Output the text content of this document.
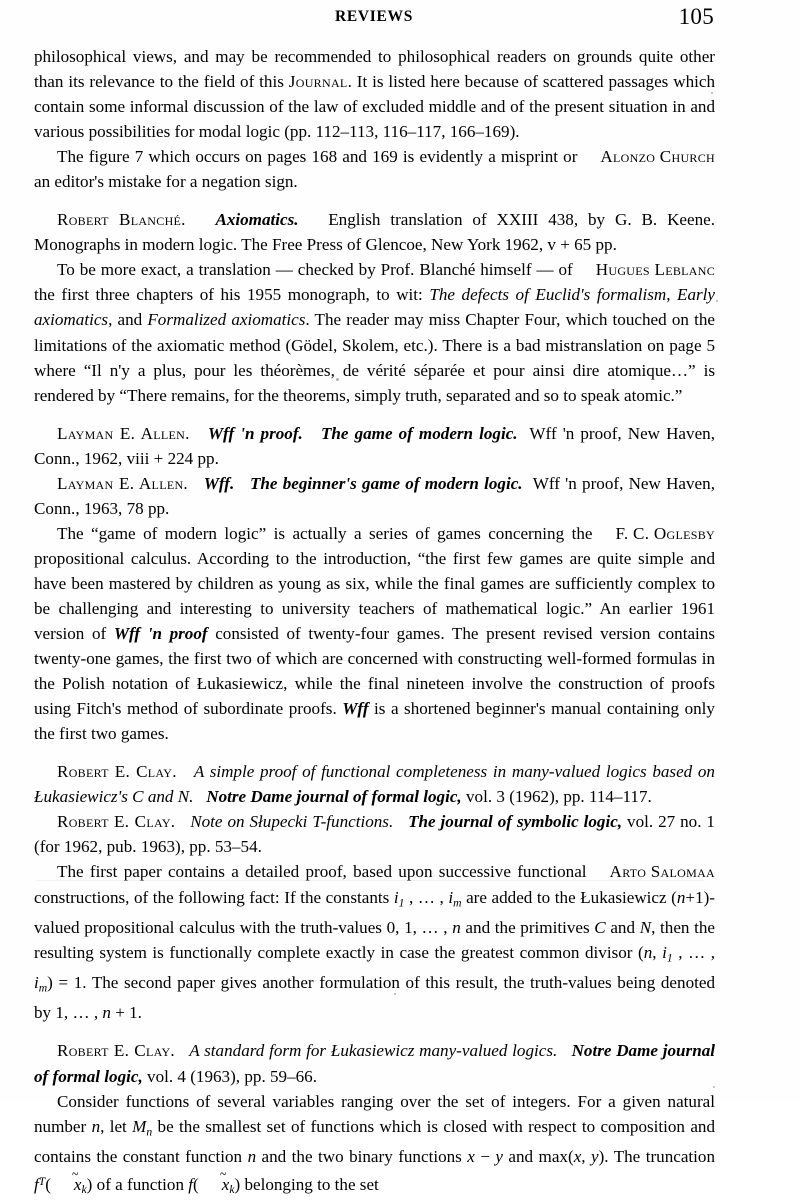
REVIEWS	105

philosophical views, and may be recommended to philosophical readers on grounds quite other than its relevance to the field of this Journal. It is listed here because of scattered passages which contain some informal discussion of the law of excluded middle and of the present situation in and various possibilities for modal logic (pp. 112–113, 116–117, 166–169).

Alonzo Church
The figure 7 which occurs on pages 168 and 169 is evidently a misprint or an editor's mistake for a negation sign.

Robert Blanché. Axiomatics. English translation of XXIII 438, by G. B. Keene. Monographs in modern logic. The Free Press of Glencoe, New York 1962, v + 65 pp.

Hugues Leblanc
To be more exact, a translation — checked by Prof. Blanché himself — of the first three chapters of his 1955 monograph, to wit: The defects of Euclid's formalism, Early axiomatics, and Formalized axiomatics. The reader may miss Chapter Four, which touched on the limitations of the axiomatic method (Gödel, Skolem, etc.). There is a bad mistranslation on page 5 where “Il n'y a plus, pour les théorèmes, de vérité séparée et pour ainsi dire atomique…” is rendered by “There remains, for the theorems, simply truth, separated and so to speak atomic.”

Layman E. Allen. Wff 'n proof. The game of modern logic. Wff 'n proof, New Haven, Conn., 1962, viii + 224 pp.

Layman E. Allen. Wff. The beginner's game of modern logic. Wff 'n proof, New Haven, Conn., 1963, 78 pp.

F. C. Oglesby
The “game of modern logic” is actually a series of games concerning the propositional calculus. According to the introduction, “the first few games are quite simple and have been mastered by children as young as six, while the final games are sufficiently complex to be challenging and interesting to university teachers of mathematical logic.” An earlier 1961 version of Wff 'n proof consisted of twenty-four games. The present revised version contains twenty-one games, the first two of which are concerned with constructing well-formed formulas in the Polish notation of Łukasiewicz, while the final nineteen involve the construction of proofs using Fitch's method of subordinate proofs. Wff is a shortened beginner's manual containing only the first two games.

Robert E. Clay. A simple proof of functional completeness in many-valued logics based on Łukasiewicz's C and N. Notre Dame journal of formal logic, vol. 3 (1962), pp. 114–117.

Robert E. Clay. Note on Słupecki T-functions. The journal of symbolic logic, vol. 27 no. 1 (for 1962, pub. 1963), pp. 53–54.

Arto Salomaa
The first paper contains a detailed proof, based upon successive functional constructions, of the following fact: If the constants $i_1$ , … , $i_m$ are added to the Łukasiewicz (n+1)-valued propositional calculus with the truth-values 0, 1, … , n and the primitives C and N, then the resulting system is functionally complete exactly in case the greatest common divisor (n, $i_1$ , … , $i_m) = 1$. The second paper gives another formulation of this result, the truth-values being denoted by 1, … , n + 1.

Robert E. Clay. A standard form for Łukasiewicz many-valued logics. Notre Dame journal of formal logic, vol. 4 (1963), pp. 59–66.

Consider functions of several variables ranging over the set of integers. For a given natural number n, let $M_n$ be the smallest set of functions which is closed with respect to composition and contains the constant function n and the two binary functions x − y and max(x, y). The truncation $f^T$( ~ $x_k$) of a function f( ~ $x_k$) belonging to the set
